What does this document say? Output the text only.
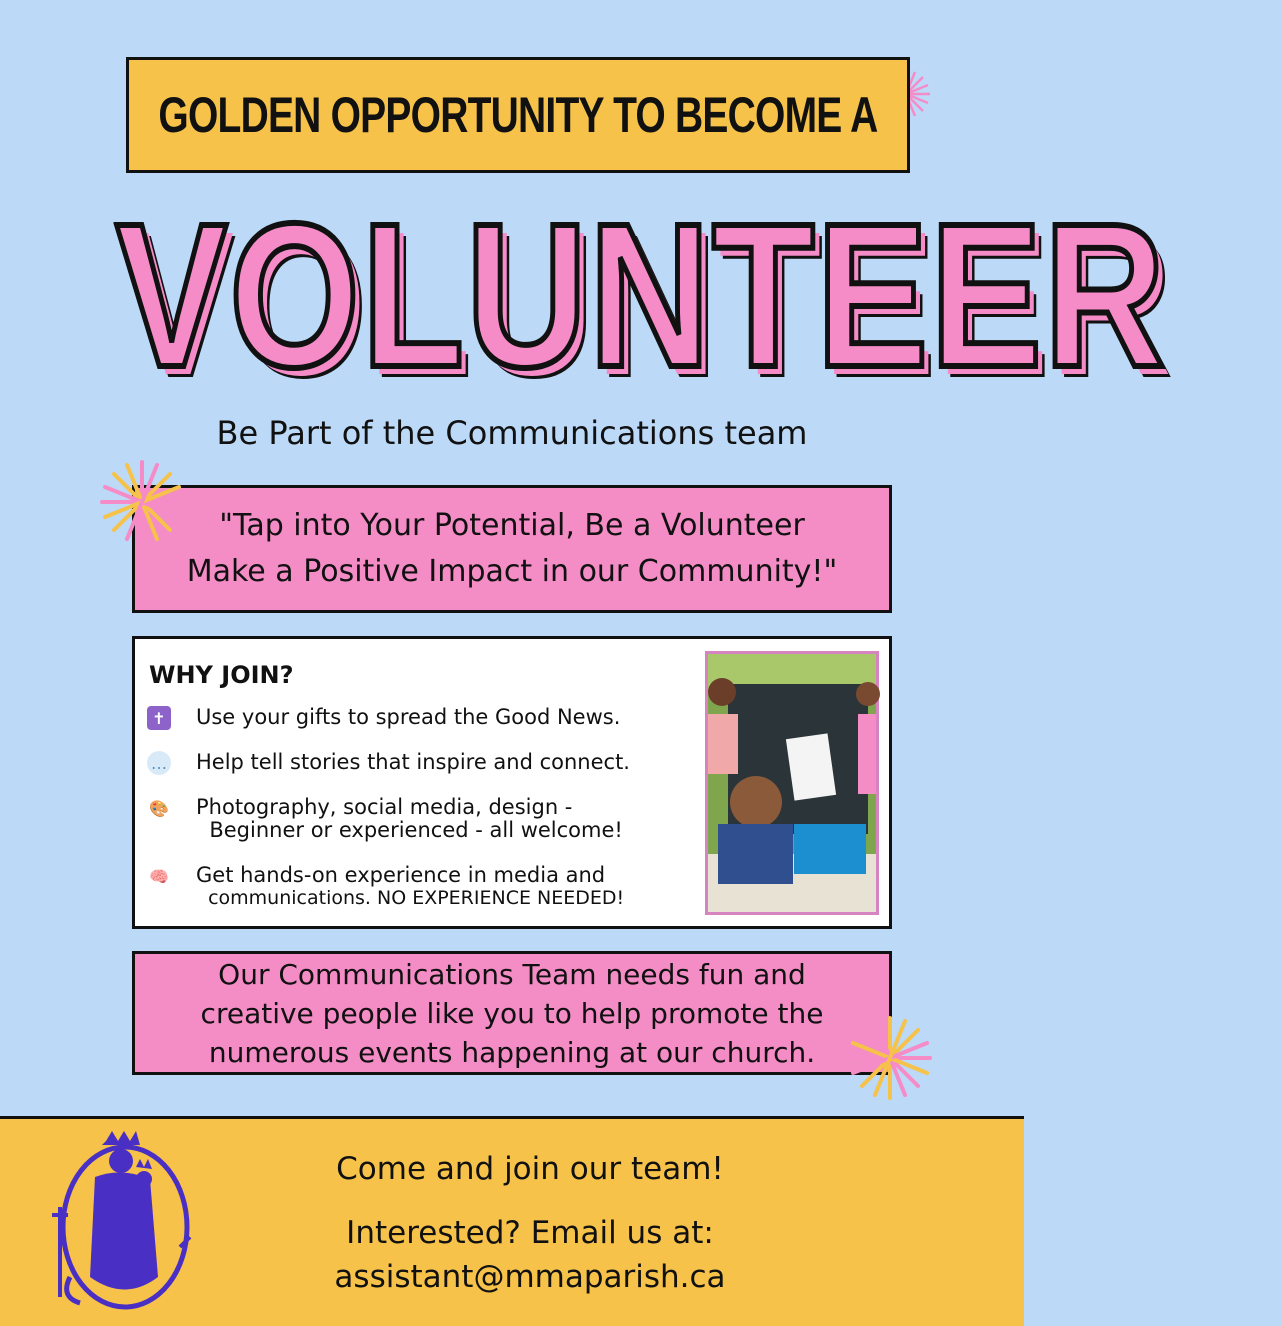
GOLDEN OPPORTUNITY TO BECOME A
VOLUNTEER
Be Part of the Communications team
"Tap into Your Potential, Be a Volunteer
Make a Positive Impact in our Community!"
WHY JOIN?
✝ Use your gifts to spread the Good News.
… Help tell stories that inspire and connect.
🎨 Photography, social media, design -
Beginner or experienced - all welcome!
🧠 Get hands-on experience in media and
communications. NO EXPERIENCE NEEDED!
Our Communications Team needs fun and
creative people like you to help promote the
numerous events happening at our church.
Come and join our team!
Interested? Email us at:
assistant@mmaparish.ca
